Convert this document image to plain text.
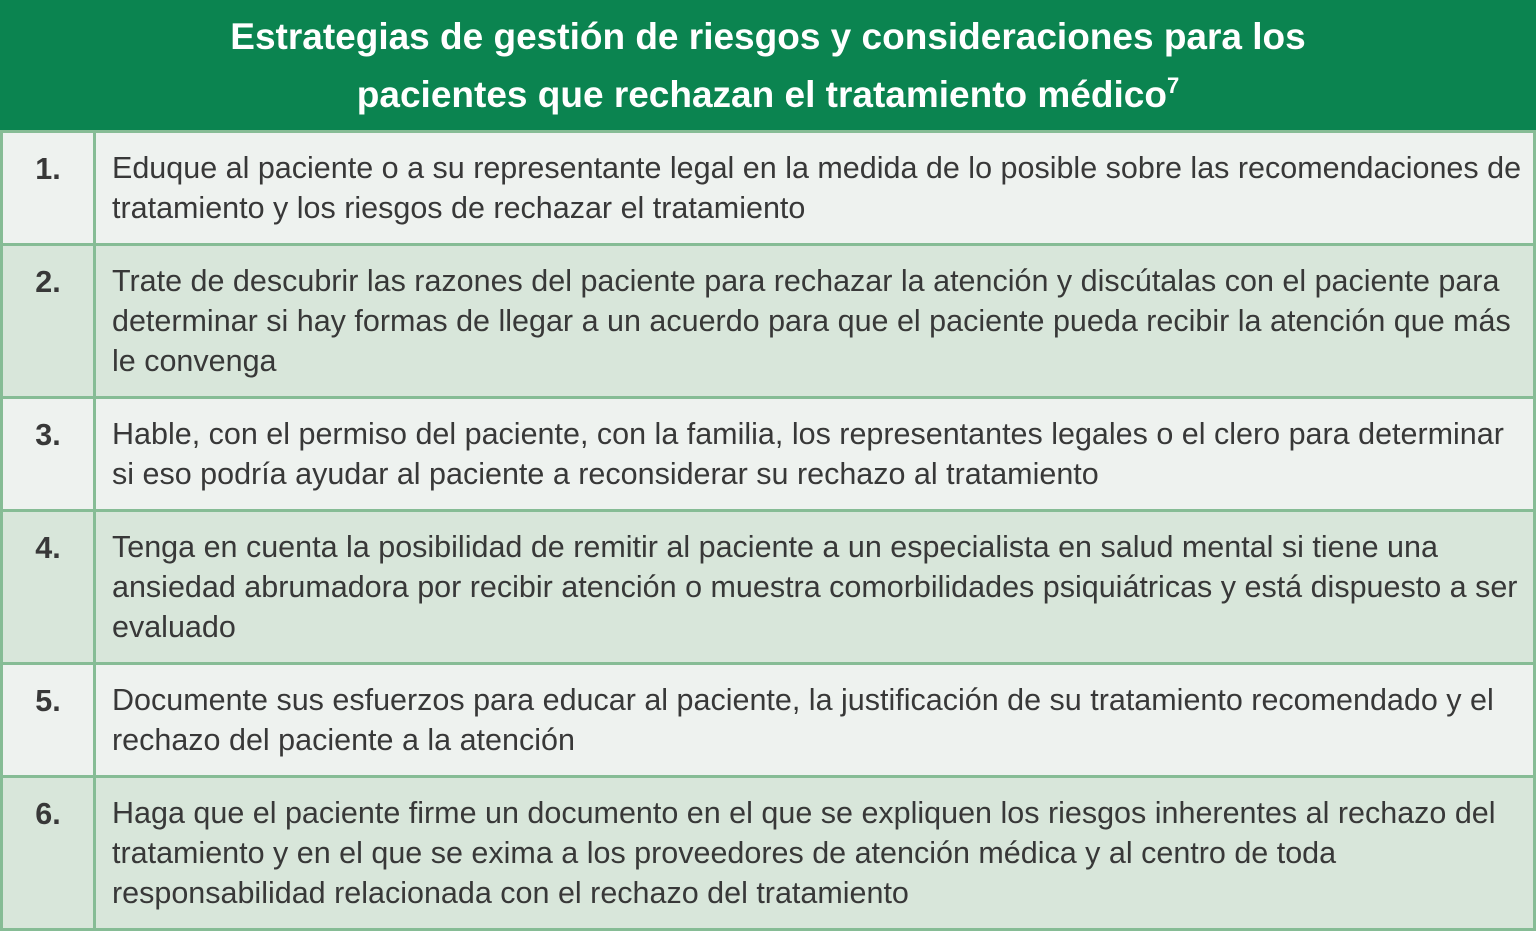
Estrategias de gestión de riesgos y consideraciones para los
pacientes que rechazan el tratamiento médico$^7$
1.	Eduque al paciente o a su representante legal en la medida de lo posible sobre las recomendaciones de tratamiento y los riesgos de rechazar el tratamiento
2.	Trate de descubrir las razones del paciente para rechazar la atención y discútalas con el paciente para determinar si hay formas de llegar a un acuerdo para que el paciente pueda recibir la atención que más le convenga
3.	Hable, con el permiso del paciente, con la familia, los representantes legales o el clero para determinar si eso podría ayudar al paciente a reconsiderar su rechazo al tratamiento
4.	Tenga en cuenta la posibilidad de remitir al paciente a un especialista en salud mental si tiene una ansiedad abrumadora por recibir atención o muestra comorbilidades psiquiátricas y está dispuesto a ser evaluado
5.	Documente sus esfuerzos para educar al paciente, la justificación de su tratamiento recomendado y el rechazo del paciente a la atención
6.	Haga que el paciente firme un documento en el que se expliquen los riesgos inherentes al rechazo del tratamiento y en el que se exima a los proveedores de atención médica y al centro de toda responsabilidad relacionada con el rechazo del tratamiento
